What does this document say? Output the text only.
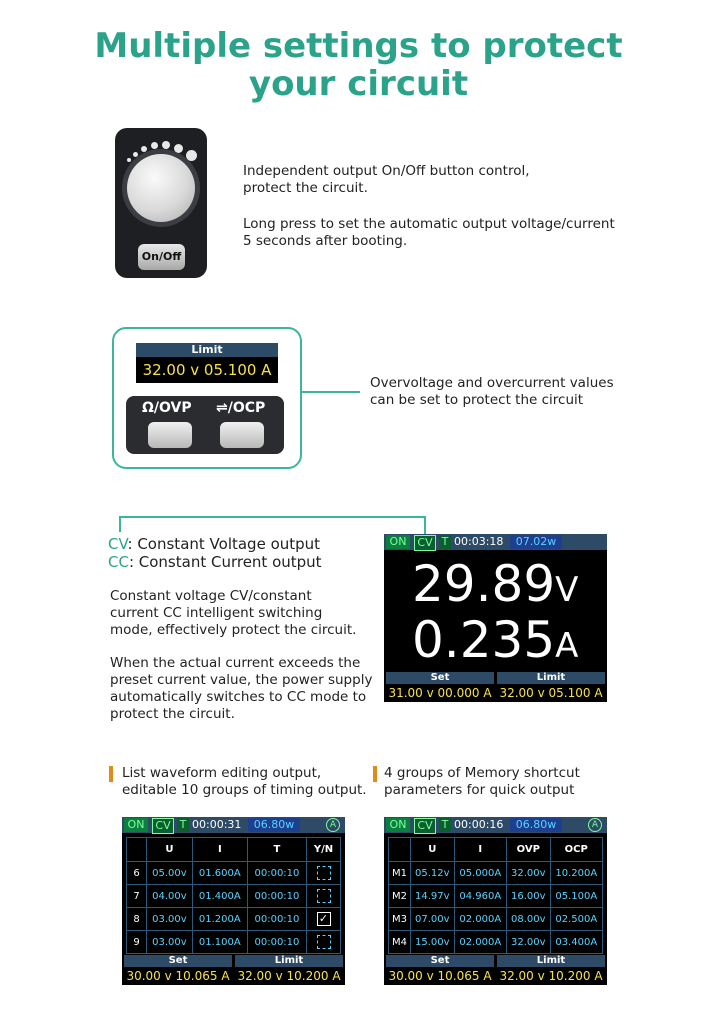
Multiple settings to protect
your circuit
On/Off
Independent output On/Off button control,
protect the circuit.
Long press to set the automatic output voltage/current
5 seconds after booting.
Limit
32.00 v 05.100 A
Ω/OVP ⇌/OCP
Overvoltage and overcurrent values
can be set to protect the circuit
CV: Constant Voltage output
CC: Constant Current output
Constant voltage CV/constant
current CC intelligent switching
mode, effectively protect the circuit.
When the actual current exceeds the
preset current value, the power supply
automatically switches to CC mode to
protect the circuit.
ON CV T 00:03:18	07.02w
29.89V
0.235A
Set	Limit
31.00 v 00.000 A 32.00 v 05.100 A
List waveform editing output,
editable 10 groups of timing output.
4 groups of Memory shortcut
parameters for quick output
ON CV T 00:00:31	06.80w	A
	U	I	T	Y/N
6	05.00v	01.600A	00:00:10	
7	04.00v	01.400A	00:00:10	
8	03.00v	01.200A	00:00:10	✓
9	03.00v	01.100A	00:00:10	
Set	Limit
30.00 v 10.065 A 32.00 v 10.200 A
ON CV T 00:00:16	06.80w	A
	U	I	OVP	OCP
M1	05.12v	05.000A	32.00v	10.200A
M2	14.97v	04.960A	16.00v	05.100A
M3	07.00v	02.000A	08.00v	02.500A
M4	15.00v	02.000A	32.00v	03.400A
Set	Limit
30.00 v 10.065 A 32.00 v 10.200 A
